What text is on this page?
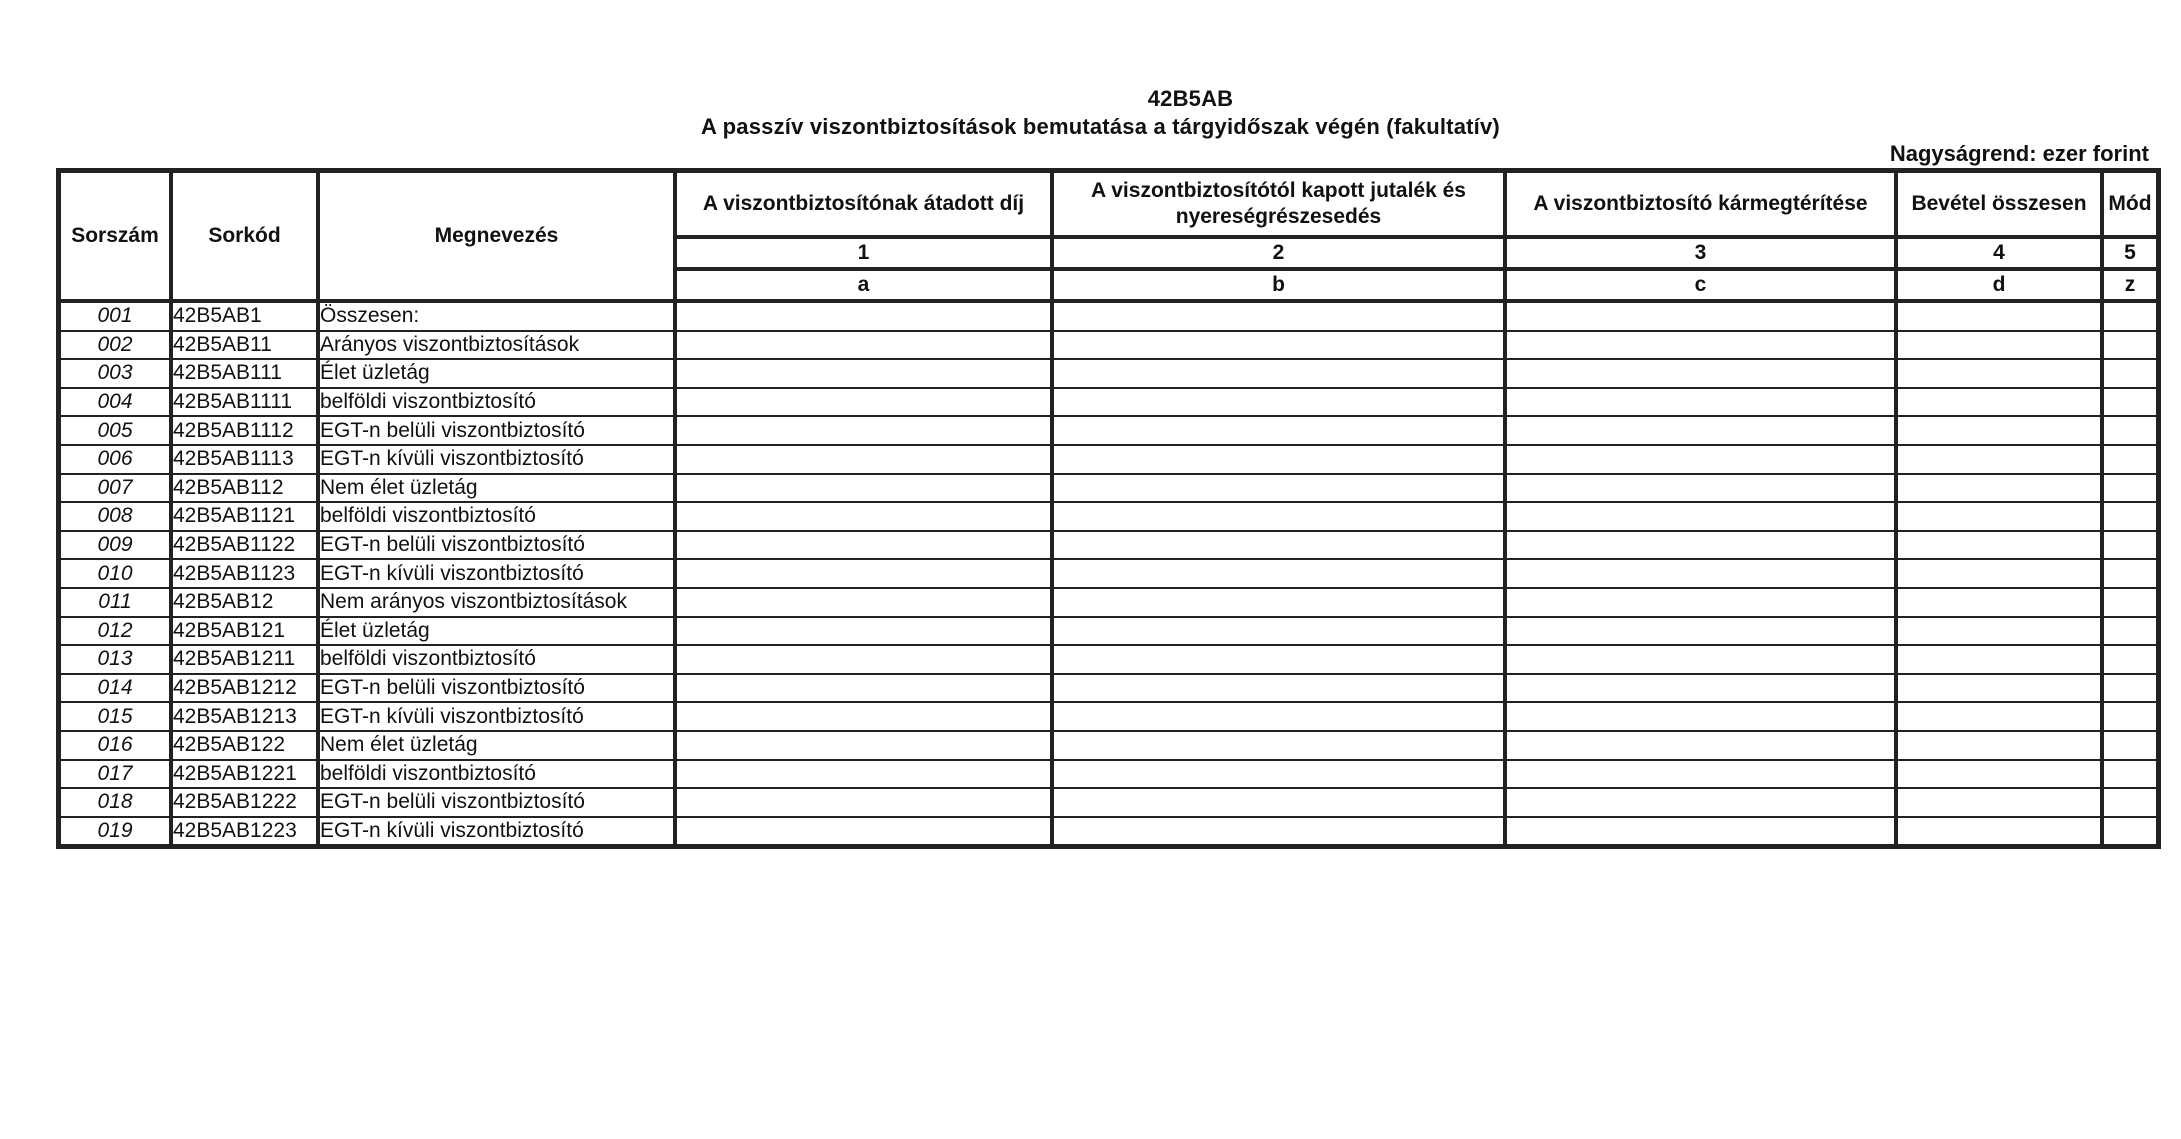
42B5AB
A passzív viszontbiztosítások bemutatása a tárgyidőszak végén (fakultatív)
Nagyságrend: ezer forint
Sorszám	Sorkód	Megnevezés	A viszontbiztosítónak átadott díj	A viszontbiztosítótól kapott jutalék és nyereségrészesedés	A viszontbiztosító kármegtérítése	Bevétel összesen	Mód
			1	2	3	4	5
			a	b	c	d	z
001	42B5AB1	Összesen:					
002	42B5AB11	Arányos viszontbiztosítások					
003	42B5AB111	Élet üzletág					
004	42B5AB1111	belföldi viszontbiztosító					
005	42B5AB1112	EGT-n belüli viszontbiztosító					
006	42B5AB1113	EGT-n kívüli viszontbiztosító					
007	42B5AB112	Nem élet üzletág					
008	42B5AB1121	belföldi viszontbiztosító					
009	42B5AB1122	EGT-n belüli viszontbiztosító					
010	42B5AB1123	EGT-n kívüli viszontbiztosító					
011	42B5AB12	Nem arányos viszontbiztosítások					
012	42B5AB121	Élet üzletág					
013	42B5AB1211	belföldi viszontbiztosító					
014	42B5AB1212	EGT-n belüli viszontbiztosító					
015	42B5AB1213	EGT-n kívüli viszontbiztosító					
016	42B5AB122	Nem élet üzletág					
017	42B5AB1221	belföldi viszontbiztosító					
018	42B5AB1222	EGT-n belüli viszontbiztosító					
019	42B5AB1223	EGT-n kívüli viszontbiztosító					
